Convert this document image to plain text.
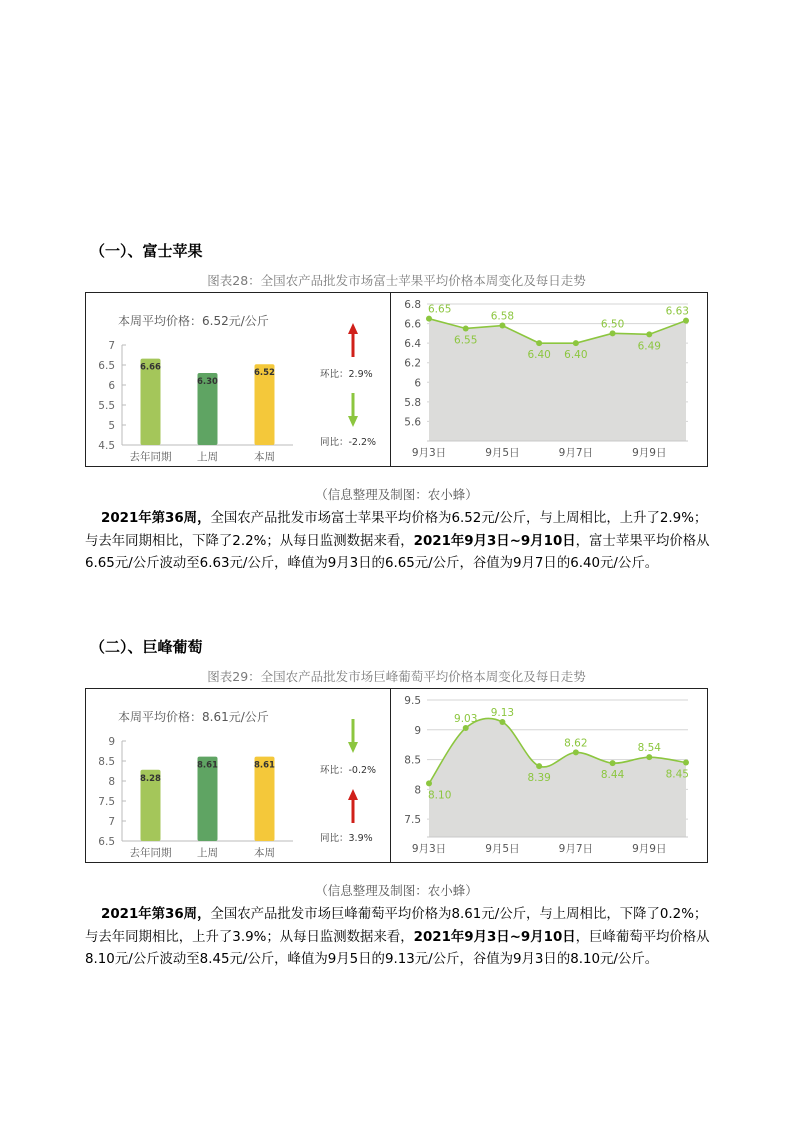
（一）、富士苹果
图表28：全国农产品批发市场富士苹果平均价格本周变化及每日走势
本周平均价格：6.52元/公斤
4.5
5
5.5
6
6.5
7
6.66
去年同期
6.30
上周
6.52
本周
环比：2.9%
同比：-2.2%
5.6
5.8
6
6.2
6.4
6.6
6.8 6.65
6.55
6.58
6.40 6.40
6.50
6.49
6.63
9月3日	9月5日	9月7日	9月9日
（信息整理及制图：农小蜂）
2021年第36周，全国农产品批发市场富士苹果平均价格为6.52元/公斤，与上周相比，上升了2.9%；与去年同期相比，下降了2.2%；从每日监测数据来看，2021年9月3日~9月10日，富士苹果平均价格从6.65元/公斤波动至6.63元/公斤，峰值为9月3日的6.65元/公斤，谷值为9月7日的6.40元/公斤。
（二）、巨峰葡萄
图表29：全国农产品批发市场巨峰葡萄平均价格本周变化及每日走势
本周平均价格：8.61元/公斤
6.5
7
7.5
8
8.5
9
8.28
去年同期
8.61
上周
8.61
本周
环比：-0.2%
同比：3.9%
7.5
8
8.5
9
9.5
8.10
9.03 9.13
8.39
8.62
8.44
8.54
8.45
9月3日	9月5日	9月7日	9月9日
（信息整理及制图：农小蜂）
2021年第36周，全国农产品批发市场巨峰葡萄平均价格为8.61元/公斤，与上周相比，下降了0.2%；与去年同期相比，上升了3.9%；从每日监测数据来看，2021年9月3日~9月10日，巨峰葡萄平均价格从8.10元/公斤波动至8.45元/公斤，峰值为9月5日的9.13元/公斤，谷值为9月3日的8.10元/公斤。
